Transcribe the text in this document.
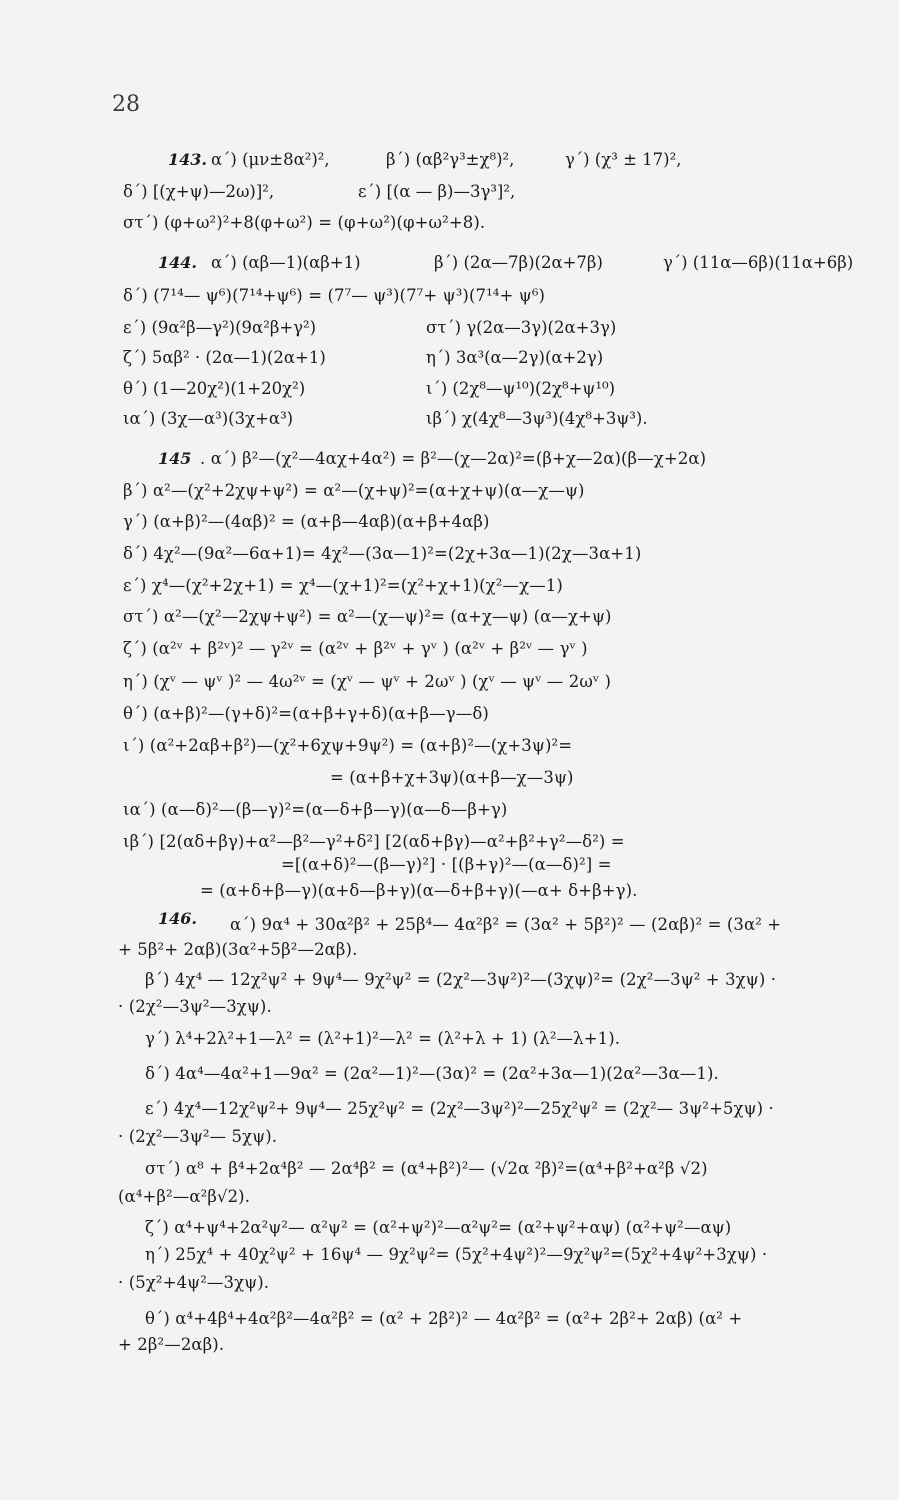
28
143. α΄) (μν±8α²)²,	β΄) (αβ²γ³±χ⁸)²,	γ΄) (χ³ ± 17)²,
δ΄) [(χ+ψ)—2ω)]²,	ε΄) [(α — β)—3γ³]²,
στ΄) (φ+ω²)²+8(φ+ω²) = (φ+ω²)(φ+ω²+8).
144. α΄) (αβ—1)(αβ+1)	β΄) (2α—7β)(2α+7β)	γ΄) (11α—6β)(11α+6β)
δ΄) (7¹⁴— ψ⁶)(7¹⁴+ψ⁶) = (7⁷— ψ³)(7⁷+ ψ³)(7¹⁴+ ψ⁶)
ε΄) (9α²β—γ²)(9α²β+γ²)	στ΄) γ(2α—3γ)(2α+3γ)
ζ΄) 5αβ² · (2α—1)(2α+1)	η΄) 3α³(α—2γ)(α+2γ)
θ΄) (1—20χ²)(1+20χ²)	ι΄) (2χ⁸—ψ¹⁰)(2χ⁸+ψ¹⁰)
ια΄) (3χ—α³)(3χ+α³)	ιβ΄) χ(4χ⁸—3ψ³)(4χ⁸+3ψ³).
145 . α΄) β²—(χ²—4αχ+4α²) = β²—(χ—2α)²=(β+χ—2α)(β—χ+2α)
β΄) α²—(χ²+2χψ+ψ²) = α²—(χ+ψ)²=(α+χ+ψ)(α—χ—ψ)
γ΄) (α+β)²—(4αβ)² = (α+β—4αβ)(α+β+4αβ)
δ΄) 4χ²—(9α²—6α+1)= 4χ²—(3α—1)²=(2χ+3α—1)(2χ—3α+1)
ε΄) χ⁴—(χ²+2χ+1) = χ⁴—(χ+1)²=(χ²+χ+1)(χ²—χ—1)
στ΄) α²—(χ²—2χψ+ψ²) = α²—(χ—ψ)²= (α+χ—ψ) (α—χ+ψ)
ζ΄) (α²ᵛ + β²ᵛ)² — γ²ᵛ = (α²ᵛ + β²ᵛ + γᵛ ) (α²ᵛ + β²ᵛ — γᵛ )
η΄) (χᵛ — ψᵛ )² — 4ω²ᵛ = (χᵛ — ψᵛ + 2ωᵛ ) (χᵛ — ψᵛ — 2ωᵛ )
θ΄) (α+β)²—(γ+δ)²=(α+β+γ+δ)(α+β—γ—δ)
ι΄) (α²+2αβ+β²)—(χ²+6χψ+9ψ²) = (α+β)²—(χ+3ψ)²=
= (α+β+χ+3ψ)(α+β—χ—3ψ)
ια΄) (α—δ)²—(β—γ)²=(α—δ+β—γ)(α—δ—β+γ)
ιβ΄) [2(αδ+βγ)+α²—β²—γ²+δ²] [2(αδ+βγ)—α²+β²+γ²—δ²) =
=[(α+δ)²—(β—γ)²] · [(β+γ)²—(α—δ)²] =
= (α+δ+β—γ)(α+δ—β+γ)(α—δ+β+γ)(—α+ δ+β+γ).
146. α΄) 9α⁴ + 30α²β² + 25β⁴— 4α²β² = (3α² + 5β²)² — (2αβ)² = (3α² +
+ 5β²+ 2αβ)(3α²+5β²—2αβ).
β΄) 4χ⁴ — 12χ²ψ² + 9ψ⁴— 9χ²ψ² = (2χ²—3ψ²)²—(3χψ)²= (2χ²—3ψ² + 3χψ) ·
· (2χ²—3ψ²—3χψ).
γ΄) λ⁴+2λ²+1—λ² = (λ²+1)²—λ² = (λ²+λ + 1) (λ²—λ+1).
δ΄) 4α⁴—4α²+1—9α² = (2α²—1)²—(3α)² = (2α²+3α—1)(2α²—3α—1).
ε΄) 4χ⁴—12χ²ψ²+ 9ψ⁴— 25χ²ψ² = (2χ²—3ψ²)²—25χ²ψ² = (2χ²— 3ψ²+5χψ) ·
· (2χ²—3ψ²— 5χψ).
στ΄) α⁸ + β⁴+2α⁴β² — 2α⁴β² = (α⁴+β²)²— (√2α ²β)²=(α⁴+β²+α²β √2)
(α⁴+β²—α²β√2).
ζ΄) α⁴+ψ⁴+2α²ψ²— α²ψ² = (α²+ψ²)²—α²ψ²= (α²+ψ²+αψ) (α²+ψ²—αψ)
η΄) 25χ⁴ + 40χ²ψ² + 16ψ⁴ — 9χ²ψ²= (5χ²+4ψ²)²—9χ²ψ²=(5χ²+4ψ²+3χψ) ·
· (5χ²+4ψ²—3χψ).
θ΄) α⁴+4β⁴+4α²β²—4α²β² = (α² + 2β²)² — 4α²β² = (α²+ 2β²+ 2αβ) (α² +
+ 2β²—2αβ).
